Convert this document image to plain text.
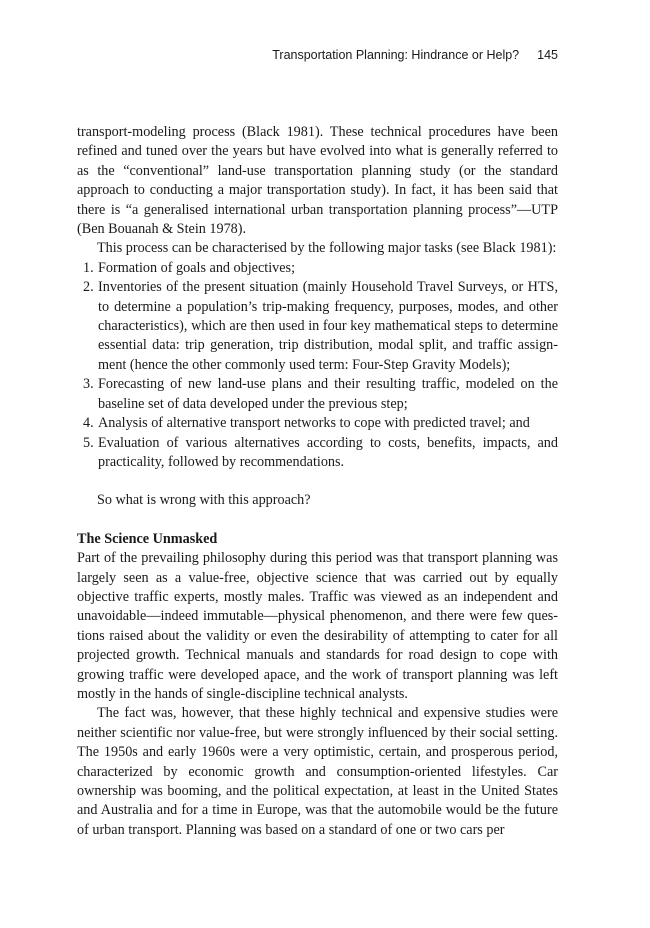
Transportation Planning: Hindrance or Help? 145

transport-modeling process (Black 1981). These technical procedures have been refined and tuned over the years but have evolved into what is generally referred to as the “conventional” land-use transportation planning study (or the standard approach to conducting a major transportation study). In fact, it has been said that there is “a generalised international urban transportation planning process”—UTP (Ben Bouanah & Stein 1978).

This process can be characterised by the following major tasks (see Black 1981):

1. Formation of goals and objectives;
2. Inventories of the present situation (mainly Household Travel Surveys, or HTS, to determine a population’s trip-making frequency, purposes, modes, and other characteristics), which are then used in four key mathematical steps to determine essential data: trip generation, trip distribution, modal split, and traffic assignment (hence the other commonly used term: Four-Step Gravity Models);
3. Forecasting of new land-use plans and their resulting traffic, modeled on the baseline set of data developed under the previous step;
4. Analysis of alternative transport networks to cope with predicted travel; and
5. Evaluation of various alternatives according to costs, benefits, impacts, and practicality, followed by recommendations.

So what is wrong with this approach?

The Science Unmasked

Part of the prevailing philosophy during this period was that transport planning was largely seen as a value-free, objective science that was carried out by equally objective traffic experts, mostly males. Traffic was viewed as an independent and unavoidable—indeed immutable—physical phenomenon, and there were few questions raised about the validity or even the desirability of attempting to cater for all projected growth. Technical manuals and standards for road design to cope with growing traffic were developed apace, and the work of transport planning was left mostly in the hands of single-discipline technical analysts.

The fact was, however, that these highly technical and expensive studies were neither scientific nor value-free, but were strongly influenced by their social setting. The 1950s and early 1960s were a very optimistic, certain, and prosperous period, characterized by economic growth and consumption-oriented lifestyles. Car ownership was booming, and the political expectation, at least in the United States and Australia and for a time in Europe, was that the automobile would be the future of urban transport. Planning was based on a standard of one or two cars per
